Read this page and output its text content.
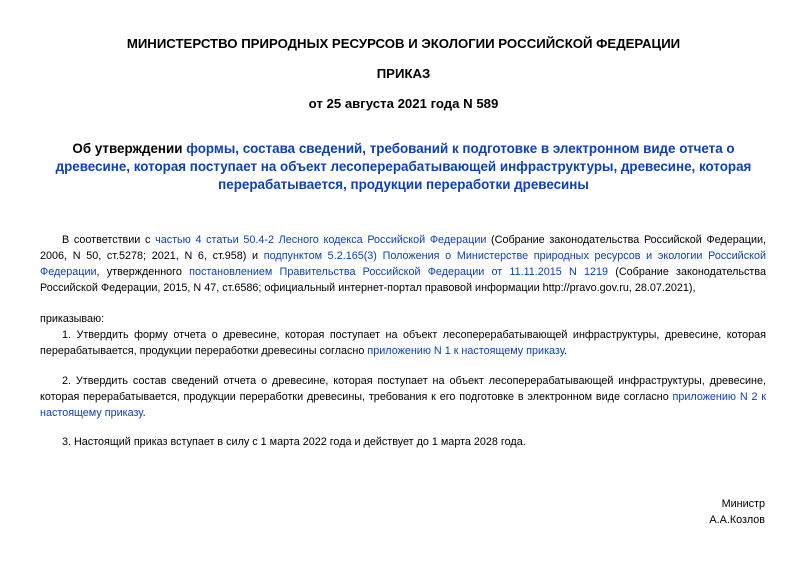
МИНИСТЕРСТВО ПРИРОДНЫХ РЕСУРСОВ И ЭКОЛОГИИ РОССИЙСКОЙ ФЕДЕРАЦИИ
ПРИКАЗ
от 25 августа 2021 года N 589
Об утверждении формы, состава сведений, требований к подготовке в электронном виде отчета о древесине, которая поступает на объект лесоперерабатывающей инфраструктуры, древесине, которая перерабатывается, продукции переработки древесины
В соответствии с частью 4 статьи 50.4-2 Лесного кодекса Российской Федерации (Собрание законодательства Российской Федерации, 2006, N 50, ст.5278; 2021, N 6, ст.958) и подпунктом 5.2.165(3) Положения о Министерстве природных ресурсов и экологии Российской Федерации, утвержденного постановлением Правительства Российской Федерации от 11.11.2015 N 1219 (Собрание законодательства Российской Федерации, 2015, N 47, ст.6586; официальный интернет-портал правовой информации http://pravo.gov.ru, 28.07.2021),
приказываю:
1. Утвердить форму отчета о древесине, которая поступает на объект лесоперерабатывающей инфраструктуры, древесине, которая перерабатывается, продукции переработки древесины согласно приложению N 1 к настоящему приказу.
2. Утвердить состав сведений отчета о древесине, которая поступает на объект лесоперерабатывающей инфраструктуры, древесине, которая перерабатывается, продукции переработки древесины, требования к его подготовке в электронном виде согласно приложению N 2 к настоящему приказу.
3. Настоящий приказ вступает в силу с 1 марта 2022 года и действует до 1 марта 2028 года.
Министр
А.А.Козлов
